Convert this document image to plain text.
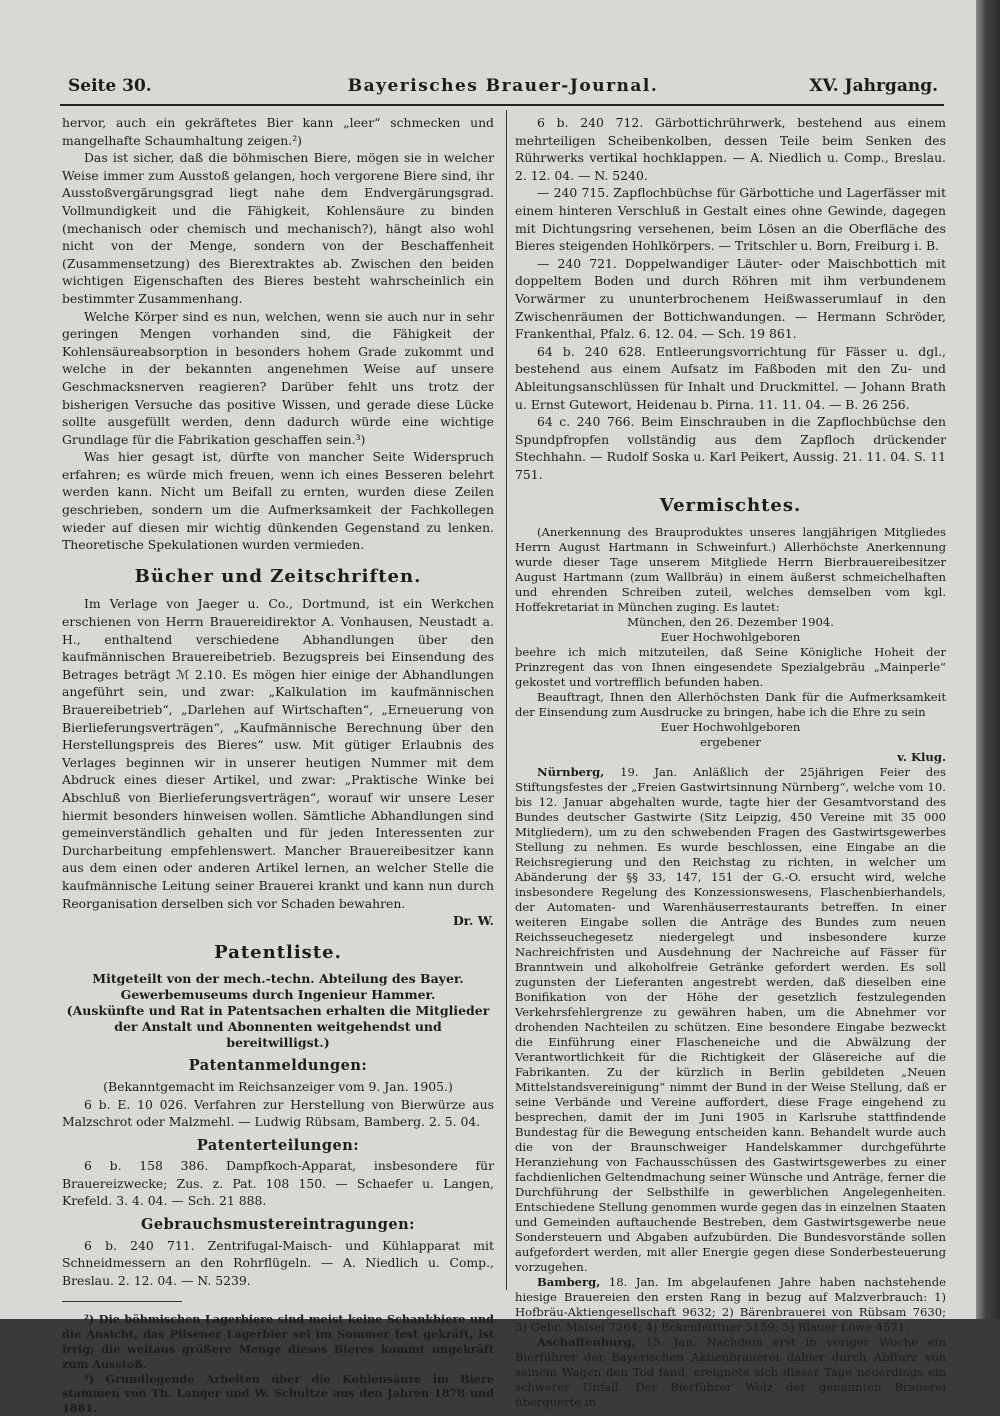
Seite 30.	Bayerisches Brauer-Journal.	XV. Jahrgang.

hervor, auch ein gekräftetes Bier kann „leer“ schmecken und mangelhafte Schaumhaltung zeigen.²)

Das ist sicher, daß die böhmischen Biere, mögen sie in welcher Weise immer zum Ausstoß gelangen, hoch vergorene Biere sind, ihr Ausstoßvergärungsgrad liegt nahe dem Endvergärungsgrad. Vollmundigkeit und die Fähigkeit, Kohlensäure zu binden (mechanisch oder chemisch und mechanisch?), hängt also wohl nicht von der Menge, sondern von der Beschaffenheit (Zusammensetzung) des Bierextraktes ab. Zwischen den beiden wichtigen Eigenschaften des Bieres besteht wahrscheinlich ein bestimmter Zusammenhang.

Welche Körper sind es nun, welchen, wenn sie auch nur in sehr geringen Mengen vorhanden sind, die Fähigkeit der Kohlensäureabsorption in besonders hohem Grade zukommt und welche in der bekannten angenehmen Weise auf unsere Geschmacksnerven reagieren? Darüber fehlt uns trotz der bisherigen Versuche das positive Wissen, und gerade diese Lücke sollte ausgefüllt werden, denn dadurch würde eine wichtige Grundlage für die Fabrikation geschaffen sein.³)

Was hier gesagt ist, dürfte von mancher Seite Widerspruch erfahren; es würde mich freuen, wenn ich eines Besseren belehrt werden kann. Nicht um Beifall zu ernten, wurden diese Zeilen geschrieben, sondern um die Aufmerksamkeit der Fachkollegen wieder auf diesen mir wichtig dünkenden Gegenstand zu lenken. Theoretische Spekulationen wurden vermieden.

Bücher und Zeitschriften.

Im Verlage von Jaeger u. Co., Dortmund, ist ein Werkchen erschienen von Herrn Brauereidirektor A. Vonhausen, Neustadt a. H., enthaltend verschiedene Abhandlungen über den kaufmännischen Brauereibetrieb. Bezugspreis bei Einsendung des Betrages beträgt ℳ 2.10. Es mögen hier einige der Abhandlungen angeführt sein, und zwar: „Kalkulation im kaufmännischen Brauereibetrieb“, „Darlehen auf Wirtschaften“, „Erneuerung von Bierlieferungsverträgen“, „Kaufmännische Berechnung über den Herstellungspreis des Bieres“ usw. Mit gütiger Erlaubnis des Verlages beginnen wir in unserer heutigen Nummer mit dem Abdruck eines dieser Artikel, und zwar: „Praktische Winke bei Abschluß von Bierlieferungsverträgen“, worauf wir unsere Leser hiermit besonders hinweisen wollen. Sämtliche Abhandlungen sind gemeinverständlich gehalten und für jeden Interessenten zur Durcharbeitung empfehlenswert. Mancher Brauereibesitzer kann aus dem einen oder anderen Artikel lernen, an welcher Stelle die kaufmännische Leitung seiner Brauerei krankt und kann nun durch Reorganisation derselben sich vor Schaden bewahren.

Dr. W.

Patentliste.

Mitgeteilt von der mech.-techn. Abteilung des Bayer. Gewerbemuseums durch Ingenieur Hammer.

(Auskünfte und Rat in Patentsachen erhalten die Mitglieder der Anstalt und Abonnenten weitgehendst und bereitwilligst.)

Patentanmeldungen:

(Bekanntgemacht im Reichsanzeiger vom 9. Jan. 1905.)

6 b. E. 10 026. Verfahren zur Herstellung von Bierwürze aus Malzschrot oder Malzmehl. — Ludwig Rübsam, Bamberg. 2. 5. 04.

Patenterteilungen:

6 b. 158 386. Dampfkoch-Apparat, insbesondere für Brauereizwecke; Zus. z. Pat. 108 150. — Schaefer u. Langen, Krefeld. 3. 4. 04. — Sch. 21 888.

Gebrauchsmustereintragungen:

6 b. 240 711. Zentrifugal-Maisch- und Kühlapparat mit Schneidmessern an den Rohrflügeln. — A. Niedlich u. Comp., Breslau. 2. 12. 04. — N. 5239.

²) Die böhmischen Lagerbiere sind meist keine Schankbiere und die Ansicht, das Pilsener Lagerbier sei im Sommer fest gekräft, ist irrig; die weitaus größere Menge dieses Bieres kommt ungekräft zum Ausstoß.

³) Grundlegende Arbeiten über die Kohlensäure im Biere stammen von Th. Langer und W. Schultze aus den Jahren 1878 und 1881.

6 b. 240 712. Gärbottichrührwerk, bestehend aus einem mehrteiligen Scheibenkolben, dessen Teile beim Senken des Rührwerks vertikal hochklappen. — A. Niedlich u. Comp., Breslau. 2. 12. 04. — N. 5240.

— 240 715. Zapflochbüchse für Gärbottiche und Lagerfässer mit einem hinteren Verschluß in Gestalt eines ohne Gewinde, dagegen mit Dichtungsring versehenen, beim Lösen an die Oberfläche des Bieres steigenden Hohlkörpers. — Tritschler u. Born, Freiburg i. B.

— 240 721. Doppelwandiger Läuter- oder Maischbottich mit doppeltem Boden und durch Röhren mit ihm verbundenem Vorwärmer zu ununterbrochenem Heißwasserumlauf in den Zwischenräumen der Bottichwandungen. — Hermann Schröder, Frankenthal, Pfalz. 6. 12. 04. — Sch. 19 861.

64 b. 240 628. Entleerungsvorrichtung für Fässer u. dgl., bestehend aus einem Aufsatz im Faßboden mit den Zu- und Ableitungsanschlüssen für Inhalt und Druckmittel. — Johann Brath u. Ernst Gutewort, Heidenau b. Pirna. 11. 11. 04. — B. 26 256.

64 c. 240 766. Beim Einschrauben in die Zapflochbüchse den Spundpfropfen vollständig aus dem Zapfloch drückender Stechhahn. — Rudolf Soska u. Karl Peikert, Aussig. 21. 11. 04. S. 11 751.

Vermischtes.

(Anerkennung des Brauproduktes unseres langjährigen Mitgliedes Herrn August Hartmann in Schweinfurt.) Allerhöchste Anerkennung wurde dieser Tage unserem Mitgliede Herrn Bierbrauereibesitzer August Hartmann (zum Wallbräu) in einem äußerst schmeichelhaften und ehrenden Schreiben zuteil, welches demselben vom kgl. Hoffekretariat in München zuging. Es lautet:

München, den 26. Dezember 1904.

Euer Hochwohlgeboren

beehre ich mich mitzuteilen, daß Seine Königliche Hoheit der Prinzregent das von Ihnen eingesendete Spezialgebräu „Mainperle“ gekostet und vortrefflich befunden haben.

Beauftragt, Ihnen den Allerhöchsten Dank für die Aufmerksamkeit der Einsendung zum Ausdrucke zu bringen, habe ich die Ehre zu sein

Euer Hochwohlgeboren

ergebener

v. Klug.

Nürnberg, 19. Jan. Anläßlich der 25jährigen Feier des Stiftungsfestes der „Freien Gastwirtsinnung Nürnberg“, welche vom 10. bis 12. Januar abgehalten wurde, tagte hier der Gesamtvorstand des Bundes deutscher Gastwirte (Sitz Leipzig, 450 Vereine mit 35 000 Mitgliedern), um zu den schwebenden Fragen des Gastwirtsgewerbes Stellung zu nehmen. Es wurde beschlossen, eine Eingabe an die Reichsregierung und den Reichstag zu richten, in welcher um Abänderung der §§ 33, 147, 151 der G.-O. ersucht wird, welche insbesondere Regelung des Konzessionswesens, Flaschenbierhandels, der Automaten- und Warenhäuserrestaurants betreffen. In einer weiteren Eingabe sollen die Anträge des Bundes zum neuen Reichsseuchegesetz niedergelegt und insbesondere kurze Nachreichfristen und Ausdehnung der Nachreiche auf Fässer für Branntwein und alkoholfreie Getränke gefordert werden. Es soll zugunsten der Lieferanten angestrebt werden, daß dieselben eine Bonifikation von der Höhe der gesetzlich festzulegenden Verkehrsfehlergrenze zu gewähren haben, um die Abnehmer vor drohenden Nachteilen zu schützen. Eine besondere Eingabe bezweckt die Einführung einer Flascheneiche und die Abwälzung der Verantwortlichkeit für die Richtigkeit der Gläsereiche auf die Fabrikanten. Zu der kürzlich in Berlin gebildeten „Neuen Mittelstandsvereinigung“ nimmt der Bund in der Weise Stellung, daß er seine Verbände und Vereine auffordert, diese Frage eingehend zu besprechen, damit der im Juni 1905 in Karlsruhe stattfindende Bundestag für die Bewegung entscheiden kann. Behandelt wurde auch die von der Braunschweiger Handelskammer durchgeführte Heranziehung von Fachausschüssen des Gastwirtsgewerbes zu einer fachdienlichen Geltendmachung seiner Wünsche und Anträge, ferner die Durchführung der Selbsthilfe in gewerblichen Angelegenheiten. Entschiedene Stellung genommen wurde gegen das in einzelnen Staaten und Gemeinden auftauchende Bestreben, dem Gastwirtsgewerbe neue Sondersteuern und Abgaben aufzubürden. Die Bundesvorstände sollen aufgefordert werden, mit aller Energie gegen diese Sonderbesteuerung vorzugehen.

Bamberg, 18. Jan. Im abgelaufenen Jahre haben nachstehende hiesige Brauereien den ersten Rang in bezug auf Malzverbrauch: 1) Hofbräu-Aktiengesellschaft 9632; 2) Bärenbrauerei von Rübsam 7630; 3) Gebr. Maisel 7264; 4) Eckenbüttner 5159; 5) Blauer Löwe 4571.

Aschaffenburg, 15. Jan. Nachdem erst in voriger Woche ein Bierführer der Bayerischen Aktienbrauerei dahier durch Abfturz von seinem Wagen den Tod fand, ereignete sich dieser Tage neuerdings ein schwerer Unfall. Der Bierführer Wolz der genannten Brauerei überquerte in
